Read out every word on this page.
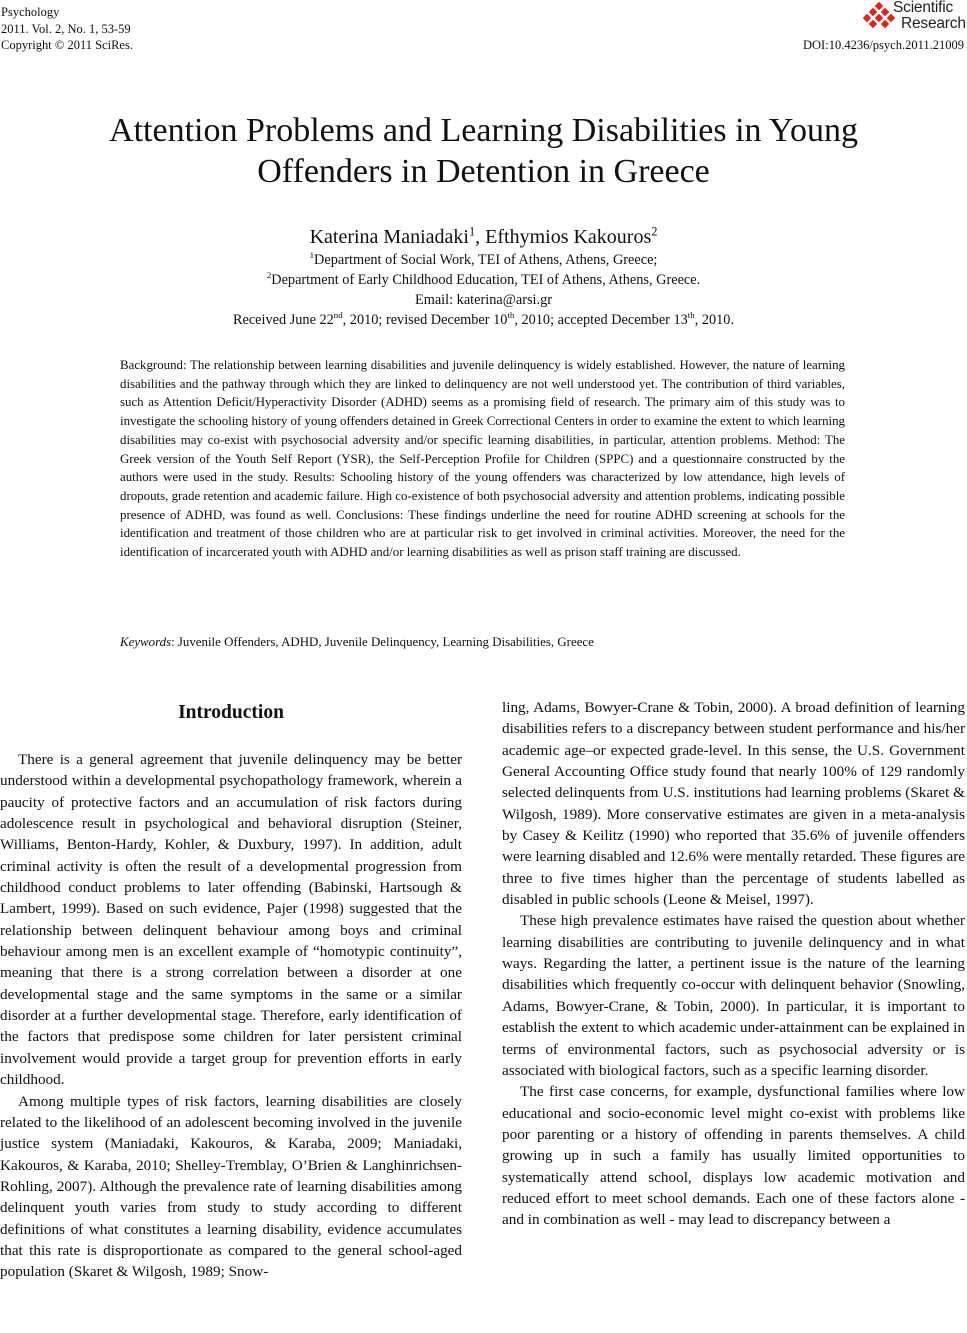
Psychology
2011. Vol. 2, No. 1, 53-59
Copyright © 2011 SciRes.
Scientific
Research
DOI:10.4236/psych.2011.21009
Attention Problems and Learning Disabilities in Young
Offenders in Detention in Greece
Katerina Maniadaki$^1$, Efthymios Kakouros$^2$
$^1$Department of Social Work, TEI of Athens, Athens, Greece;
$^2$Department of Early Childhood Education, TEI of Athens, Athens, Greece.
Email: katerina@arsi.gr
Received June 22nd, 2010; revised December 10th, 2010; accepted December 13th, 2010.
Background: The relationship between learning disabilities and juvenile delinquency is widely established. However, the nature of learning disabilities and the pathway through which they are linked to delinquency are not well understood yet. The contribution of third variables, such as Attention Deficit/Hyperactivity Disorder (ADHD) seems as a promising field of research. The primary aim of this study was to investigate the schooling history of young offenders detained in Greek Correctional Centers in order to examine the extent to which learning disabilities may co-exist with psychosocial adversity and/or specific learning disabilities, in particular, attention problems. Method: The Greek version of the Youth Self Report (YSR), the Self-Perception Profile for Children (SPPC) and a questionnaire constructed by the authors were used in the study. Results: Schooling history of the young offenders was characterized by low attendance, high levels of dropouts, grade retention and academic failure. High co-existence of both psychosocial adversity and attention problems, indicating possible presence of ADHD, was found as well. Conclusions: These findings underline the need for routine ADHD screening at schools for the identification and treatment of those children who are at particular risk to get involved in criminal activities. Moreover, the need for the identification of incarcerated youth with ADHD and/or learning disabilities as well as prison staff training are discussed.
Keywords: Juvenile Offenders, ADHD, Juvenile Delinquency, Learning Disabilities, Greece
Introduction

There is a general agreement that juvenile delinquency may be better understood within a developmental psychopathology framework, wherein a paucity of protective factors and an accumulation of risk factors during adolescence result in psychological and behavioral disruption (Steiner, Williams, Benton-Hardy, Kohler, & Duxbury, 1997). In addition, adult criminal activity is often the result of a developmental progression from childhood conduct problems to later offending (Babinski, Hartsough & Lambert, 1999). Based on such evidence, Pajer (1998) suggested that the relationship between delinquent behaviour among boys and criminal behaviour among men is an excellent example of “homotypic continuity”, meaning that there is a strong correlation between a disorder at one developmental stage and the same symptoms in the same or a similar disorder at a further developmental stage. Therefore, early identification of the factors that predispose some children for later persistent criminal involvement would provide a target group for prevention efforts in early childhood.

Among multiple types of risk factors, learning disabilities are closely related to the likelihood of an adolescent becoming involved in the juvenile justice system (Maniadaki, Kakouros, & Karaba, 2009; Maniadaki, Kakouros, & Karaba, 2010; Shelley-Tremblay, O’Brien & Langhinrichsen-Rohling, 2007). Although the prevalence rate of learning disabilities among delinquent youth varies from study to study according to different definitions of what constitutes a learning disability, evidence accumulates that this rate is disproportionate as compared to the general school-aged population (Skaret & Wilgosh, 1989; Snow-

ling, Adams, Bowyer-Crane & Tobin, 2000). A broad definition of learning disabilities refers to a discrepancy between student performance and his/her academic age–or expected grade-level. In this sense, the U.S. Government General Accounting Office study found that nearly 100% of 129 randomly selected delinquents from U.S. institutions had learning problems (Skaret & Wilgosh, 1989). More conservative estimates are given in a meta-analysis by Casey & Keilitz (1990) who reported that 35.6% of juvenile offenders were learning disabled and 12.6% were mentally retarded. These figures are three to five times higher than the percentage of students labelled as disabled in public schools (Leone & Meisel, 1997).

These high prevalence estimates have raised the question about whether learning disabilities are contributing to juvenile delinquency and in what ways. Regarding the latter, a pertinent issue is the nature of the learning disabilities which frequently co-occur with delinquent behavior (Snowling, Adams, Bowyer-Crane, & Tobin, 2000). In particular, it is important to establish the extent to which academic under-attainment can be explained in terms of environmental factors, such as psychosocial adversity or is associated with biological factors, such as a specific learning disorder.

The first case concerns, for example, dysfunctional families where low educational and socio-economic level might co-exist with problems like poor parenting or a history of offending in parents themselves. A child growing up in such a family has usually limited opportunities to systematically attend school, displays low academic motivation and reduced effort to meet school demands. Each one of these factors alone - and in combination as well - may lead to discrepancy between a
